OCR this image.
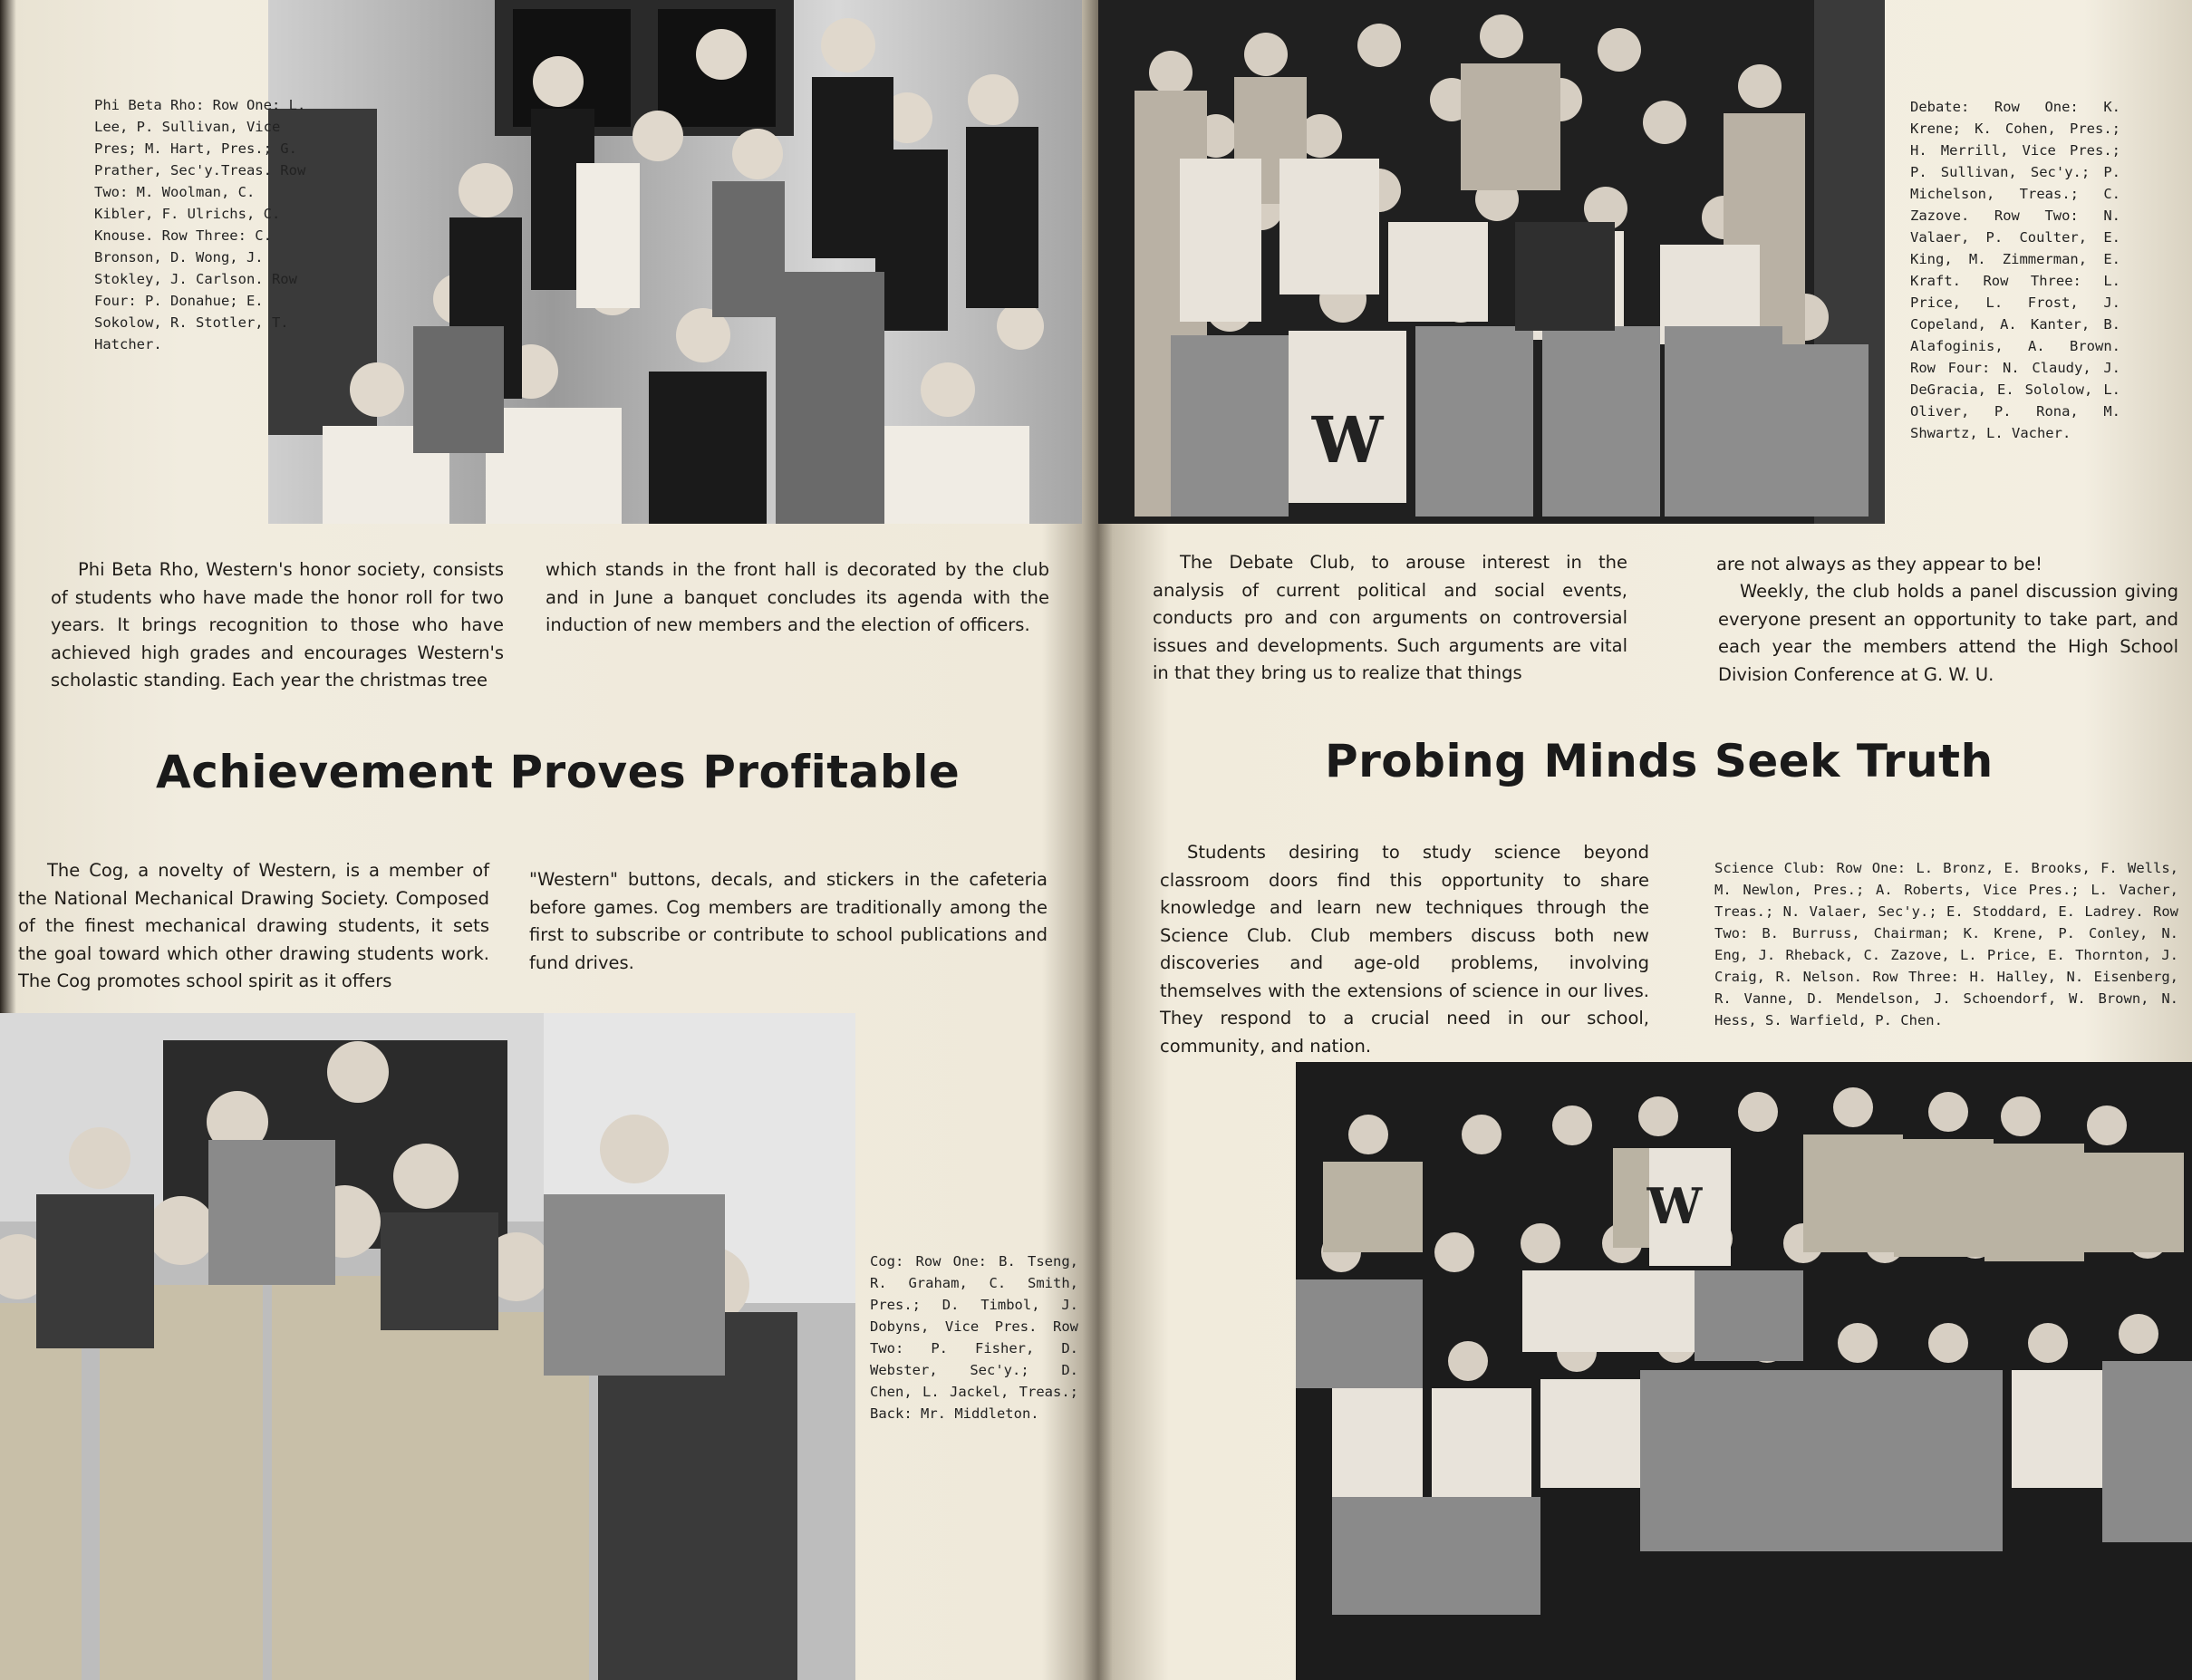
Phi Beta Rho: Row One: L. Lee, P. Sullivan, Vice Pres; M. Hart, Pres.; G. Prather, Sec'y.Treas. Row Two: M. Woolman, C. Kibler, F. Ulrichs, C. Knouse. Row Three: C. Bronson, D. Wong, J. Stokley, J. Carlson. Row Four: P. Donahue; E. Sokolow, R. Stotler, T. Hatcher.
Phi Beta Rho, Western's honor society, consists of students who have made the honor roll for two years. It brings recognition to those who have achieved high grades and encourages Western's scholastic standing. Each year the christmas tree
which stands in the front hall is decorated by the club and in June a banquet concludes its agenda with the induction of new members and the election of officers.
Achievement Proves Profitable
The Cog, a novelty of Western, is a member of the National Mechanical Drawing Society. Composed of the finest mechanical drawing students, it sets the goal toward which other drawing students work. The Cog promotes school spirit as it offers
"Western" buttons, decals, and stickers in the cafeteria before games. Cog members are traditionally among the first to subscribe or contribute to school publications and fund drives.
Cog: Row One: B. Tseng, R. Graham, C. Smith, Pres.; D. Timbol, J. Dobyns, Vice Pres. Row Two: P. Fisher, D. Webster, Sec'y.; D. Chen, L. Jackel, Treas.; Back: Mr. Middleton.
W
Debate: Row One: K. Krene; K. Cohen, Pres.; H. Merrill, Vice Pres.; P. Sullivan, Sec'y.; P. Michelson, Treas.; C. Zazove. Row Two: N. Valaer, P. Coulter, E. King, M. Zimmerman, E. Kraft. Row Three: L. Price, L. Frost, J. Copeland, A. Kanter, B. Alafoginis, A. Brown. Row Four: N. Claudy, J. DeGracia, E. Sololow, L. Oliver, P. Rona, M. Shwartz, L. Vacher.
The Debate Club, to arouse interest in the analysis of current political and social events, conducts pro and con arguments on controversial issues and developments. Such arguments are vital in that they bring us to realize that things
are not always as they appear to be!
Weekly, the club holds a panel discussion giving everyone present an opportunity to take part, and each year the members attend the High School Division Conference at G. W. U.
Probing Minds Seek Truth
Students desiring to study science beyond classroom doors find this opportunity to share knowledge and learn new techniques through the Science Club. Club members discuss both new discoveries and age-old problems, involving themselves with the extensions of science in our lives. They respond to a crucial need in our school, community, and nation.
Science Club: Row One: L. Bronz, E. Brooks, F. Wells, M. Newlon, Pres.; A. Roberts, Vice Pres.; L. Vacher, Treas.; N. Valaer, Sec'y.; E. Stoddard, E. Ladrey. Row Two: B. Burruss, Chairman; K. Krene, P. Conley, N. Eng, J. Rheback, C. Zazove, L. Price, E. Thornton, J. Craig, R. Nelson. Row Three: H. Halley, N. Eisenberg, R. Vanne, D. Mendelson, J. Schoendorf, W. Brown, N. Hess, S. Warfield, P. Chen.
W
